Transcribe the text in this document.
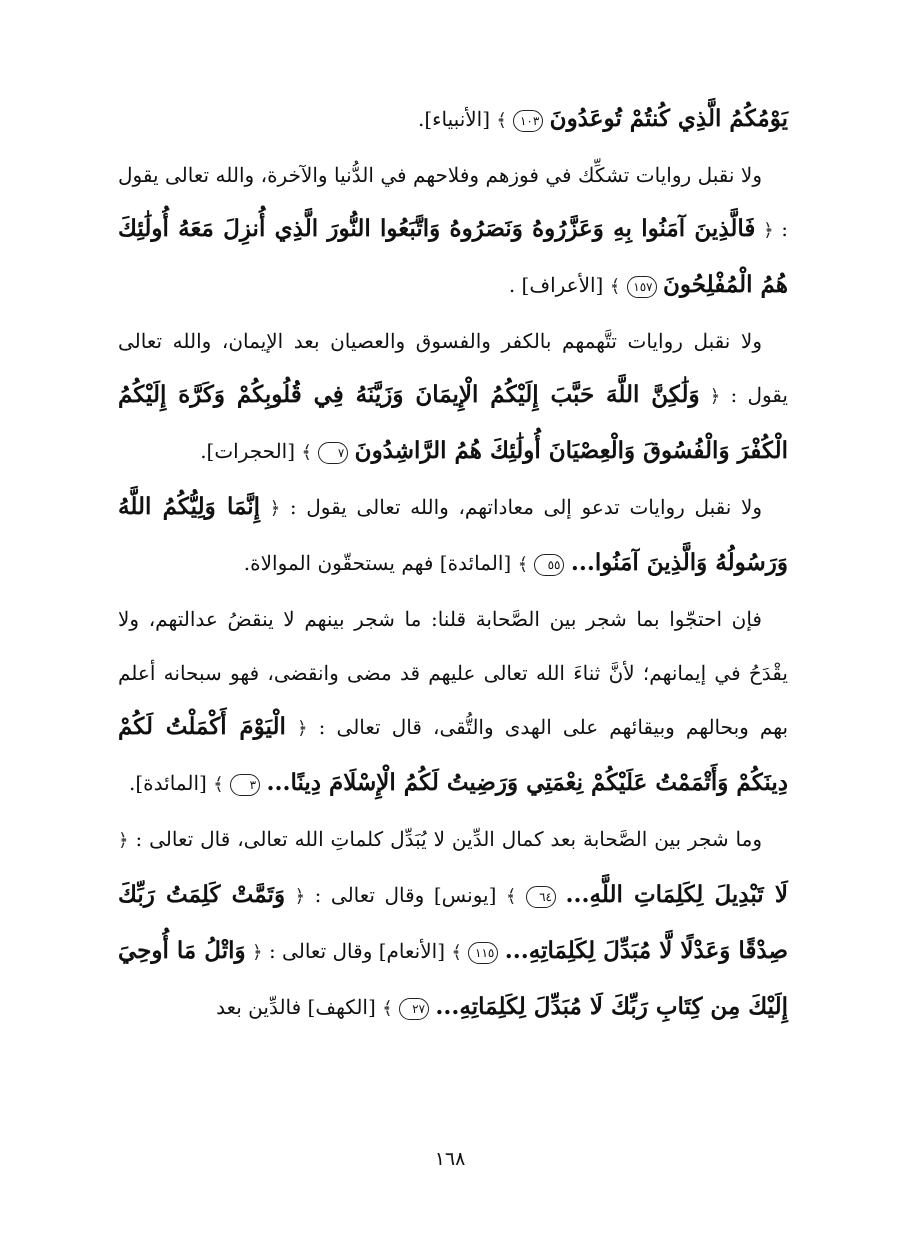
يَوْمُكُمُ الَّذِي كُنتُمْ تُوعَدُونَ ١٠٣ ﴾ [الأنبياء].

ولا نقبل روايات تشكِّك في فوزهم وفلاحهم في الدُّنيا والآخرة، والله تعالى يقول : ﴿ فَالَّذِينَ آمَنُوا بِهِ وَعَزَّرُوهُ وَنَصَرُوهُ وَاتَّبَعُوا النُّورَ الَّذِي أُنزِلَ مَعَهُ أُولَٰئِكَ هُمُ الْمُفْلِحُونَ ١٥٧ ﴾ [الأعراف] .

ولا نقبل روايات تتَّهمهم بالكفر والفسوق والعصيان بعد الإيمان، والله تعالى يقول : ﴿ وَلَٰكِنَّ اللَّهَ حَبَّبَ إِلَيْكُمُ الْإِيمَانَ وَزَيَّنَهُ فِي قُلُوبِكُمْ وَكَرَّهَ إِلَيْكُمُ الْكُفْرَ وَالْفُسُوقَ وَالْعِصْيَانَ أُولَٰئِكَ هُمُ الرَّاشِدُونَ ٧ ﴾ [الحجرات].

ولا نقبل روايات تدعو إلى معاداتهم، والله تعالى يقول : ﴿ إِنَّمَا وَلِيُّكُمُ اللَّهُ وَرَسُولُهُ وَالَّذِينَ آمَنُوا... ٥٥ ﴾ [المائدة] فهم يستحقّون الموالاة.

فإن احتجّوا بما شجر بين الصَّحابة قلنا: ما شجر بينهم لا ينقضُ عدالتهم، ولا يقْدَحُ في إيمانهم؛ لأنَّ ثناءَ الله تعالى عليهم قد مضى وانقضى، فهو سبحانه أعلم بهم وبحالهم وبيقائهم على الهدى والتُّقى، قال تعالى : ﴿ الْيَوْمَ أَكْمَلْتُ لَكُمْ دِينَكُمْ وَأَتْمَمْتُ عَلَيْكُمْ نِعْمَتِي وَرَضِيتُ لَكُمُ الْإِسْلَامَ دِينًا... ٣ ﴾ [المائدة].

وما شجر بين الصَّحابة بعد كمال الدِّين لا يُبَدِّل كلماتِ الله تعالى، قال تعالى : ﴿ لَا تَبْدِيلَ لِكَلِمَاتِ اللَّهِ... ٦٤ ﴾ [يونس] وقال تعالى : ﴿ وَتَمَّتْ كَلِمَتُ رَبِّكَ صِدْقًا وَعَدْلًا لَّا مُبَدِّلَ لِكَلِمَاتِهِ... ١١٥ ﴾ [الأنعام] وقال تعالى : ﴿ وَاتْلُ مَا أُوحِيَ إِلَيْكَ مِن كِتَابِ رَبِّكَ لَا مُبَدِّلَ لِكَلِمَاتِهِ... ٢٧ ﴾ [الكهف] فالدِّين بعد

١٦٨
